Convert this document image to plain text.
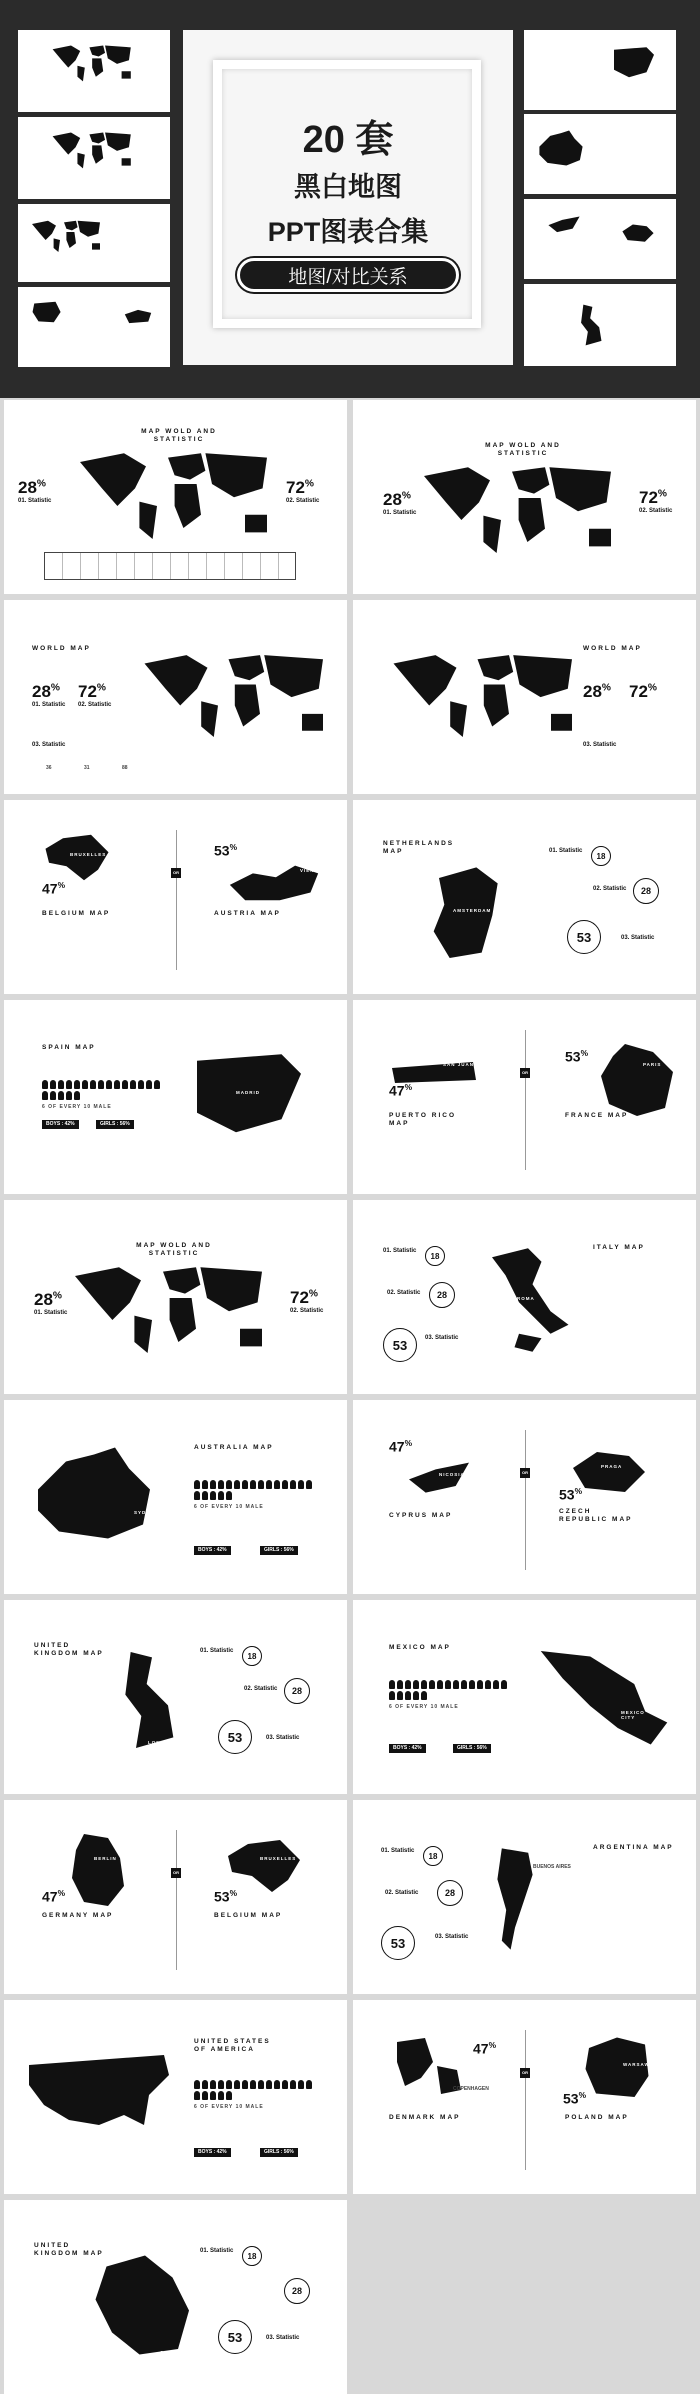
20 套
黑白地图
PPT图表合集
地图/对比关系
MAP WOLD AND STATISTIC
28%
01. Statistic
72%
02. Statistic
MAP WOLD AND STATISTIC
28%
01. Statistic
72%
02. Statistic
WORLD MAP
28% 72%
01. Statistic 02. Statistic
03. Statistic
36	31	88
WORLD MAP
28% 72%
03. Statistic
BRUXELLES
47%
BELGIUM MAP
OR
53%
VIENNA
AUSTRIA MAP
NETHERLANDS MAP
AMSTERDAM
01. Statistic
18
02. Statistic	28
53	03. Statistic
SPAIN MAP
6 OF EVERY 10 MALE
BOYS : 42%	GIRLS : 56%
MADRID
SAN JUAN
47%
PUERTO RICO MAP
OR
53%
PARIS
FRANCE MAP
MAP WOLD AND STATISTIC
28%
01. Statistic
72%
02. Statistic
01. Statistic
18
02. Statistic	28
53	03. Statistic
ROMA
ITALY MAP
SYDNEY
AUSTRALIA MAP
6 OF EVERY 10 MALE
BOYS : 42%	GIRLS : 56%
47%
NICOSIA
CYPRUS MAP
OR
PRAGA
53%
CZECH REPUBLIC MAP
UNITED KINGDOM MAP
LONDON
01. Statistic
18
02. Statistic	28
53	03. Statistic
MEXICO MAP
6 OF EVERY 10 MALE
BOYS : 42%	GIRLS : 56%
MEXICO CITY
BERLIN
47%
GERMANY MAP
OR
BRUXELLES
53%
BELGIUM MAP
01. Statistic
18
02. Statistic	28
53	03. Statistic
BUENOS AIRES
ARGENTINA MAP
UNITED STATES OF AMERICA
6 OF EVERY 10 MALE
BOYS : 42%	GIRLS : 56%
COPENHAGEN
47%
DENMARK MAP
OR
WARSAW
53%
POLAND MAP
UNITED KINGDOM MAP
OTTAWA
01. Statistic
18
28
53	03. Statistic
